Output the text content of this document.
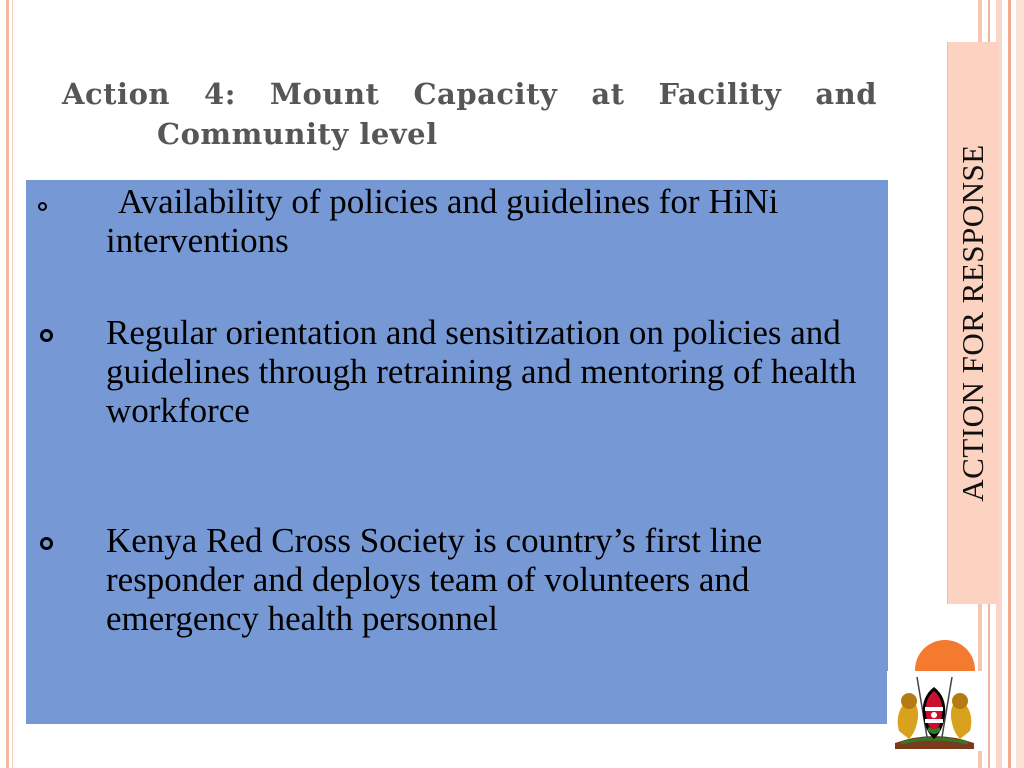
Action 4: Mount Capacity at Facility and
Community level
Availability of policies and guidelines for HiNi interventions
Regular orientation and sensitization on policies and guidelines through retraining and mentoring of health workforce
Kenya Red Cross Society is country’s first line responder and deploys team of volunteers and emergency health personnel
ACTION FOR RESPONSE
